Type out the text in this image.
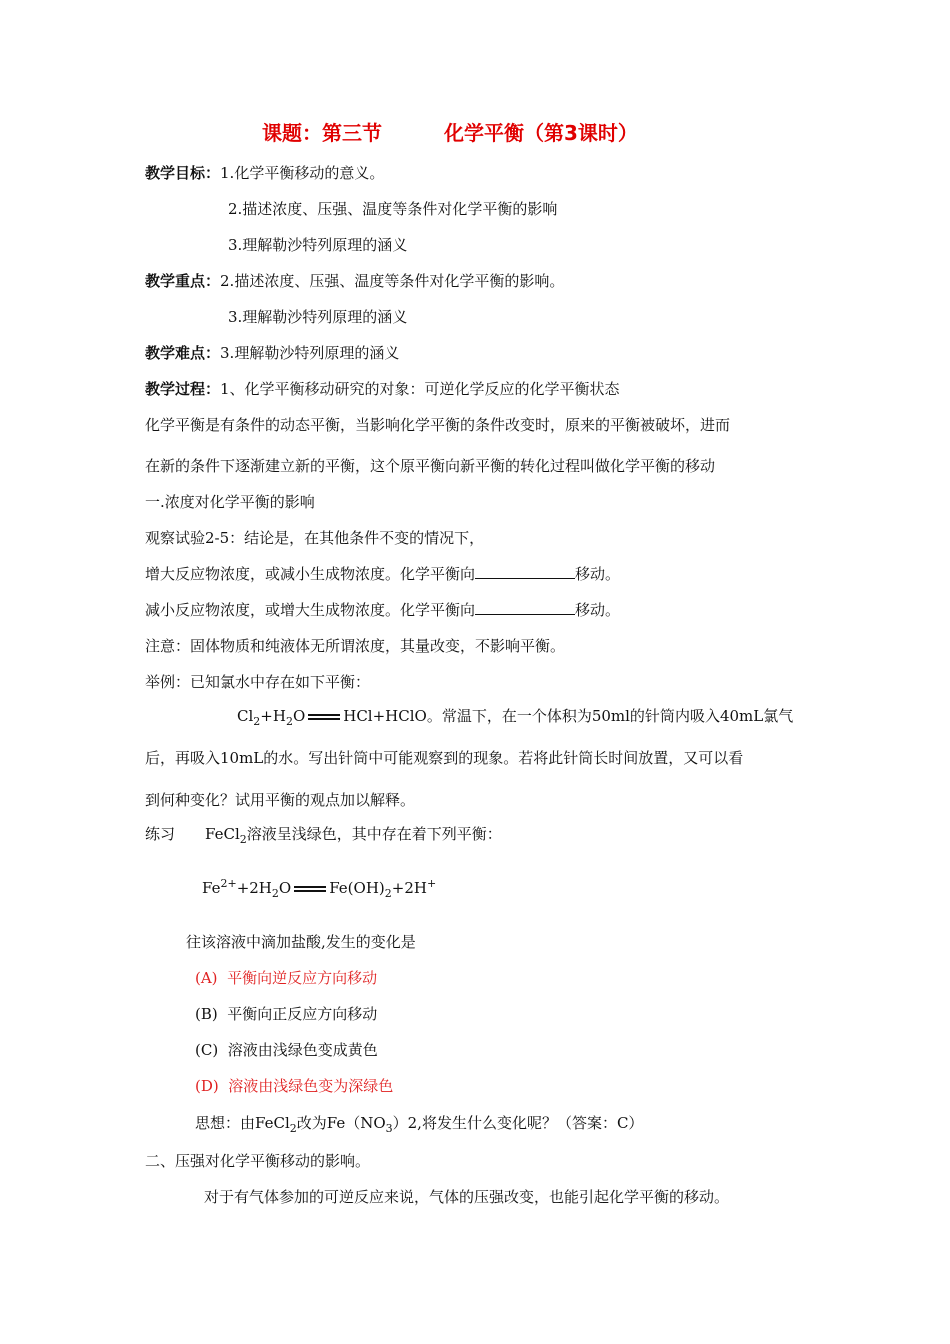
课题：第三节	化学平衡（第3课时）
教学目标：1.化学平衡移动的意义。
2.描述浓度、压强、温度等条件对化学平衡的影响
3.理解勒沙特列原理的涵义
教学重点：2.描述浓度、压强、温度等条件对化学平衡的影响。
3.理解勒沙特列原理的涵义
教学难点：3.理解勒沙特列原理的涵义
教学过程：1、化学平衡移动研究的对象：可逆化学反应的化学平衡状态
化学平衡是有条件的动态平衡，当影响化学平衡的条件改变时，原来的平衡被破坏，进而
在新的条件下逐渐建立新的平衡，这个原平衡向新平衡的转化过程叫做化学平衡的移动
一.浓度对化学平衡的影响
观察试验2-5：结论是，在其他条件不变的情况下，
增大反应物浓度，或减小生成物浓度。化学平衡向	移动。
减小反应物浓度，或增大生成物浓度。化学平衡向	移动。
注意：固体物质和纯液体无所谓浓度，其量改变，不影响平衡。
举例：已知氯水中存在如下平衡：
$Cl_2+H_2O$	HCl+HClO。常温下，在一个体积为50ml的针筒内吸入40mL氯气
后，再吸入10mL的水。写出针筒中可能观察到的现象。若将此针筒长时间放置，又可以看
到何种变化？试用平衡的观点加以解释。
练习 FeCl$_2$溶液呈浅绿色，其中存在着下列平衡：
$Fe^{2+}+2H_2O$	$Fe(OH)_2+2H^+$
往该溶液中滴加盐酸,发生的变化是
(A) 平衡向逆反应方向移动
(B) 平衡向正反应方向移动
(C) 溶液由浅绿色变成黄色
(D) 溶液由浅绿色变为深绿色
思想：由FeCl$_2$改为$Fe(NO_3)2$,将发生什么变化呢？（答案：C）
二、压强对化学平衡移动的影响。
对于有气体参加的可逆反应来说，气体的压强改变，也能引起化学平衡的移动。
